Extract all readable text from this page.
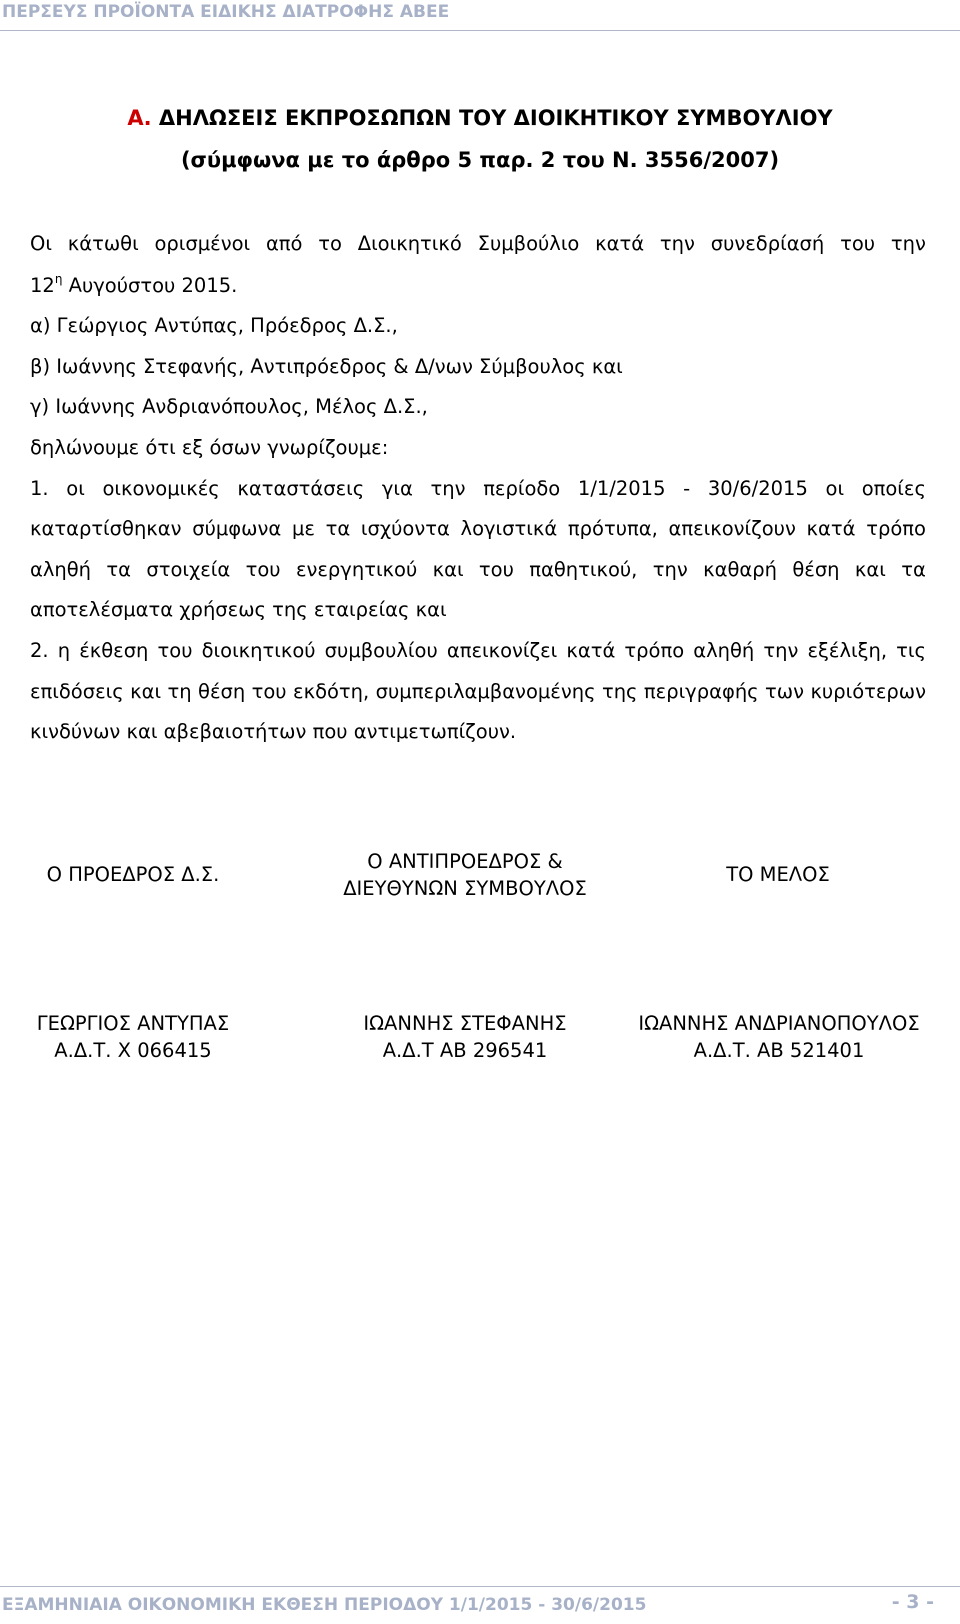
ΠΕΡΣΕΥΣ ΠΡΟΪΟΝΤΑ ΕΙΔΙΚΗΣ ΔΙΑΤΡΟΦΗΣ ΑΒΕΕ
Α. ΔΗΛΩΣΕΙΣ ΕΚΠΡΟΣΩΠΩΝ ΤΟΥ ΔΙΟΙΚΗΤΙΚΟΥ ΣΥΜΒΟΥΛΙΟΥ
(σύμφωνα με το άρθρο 5 παρ. 2 του Ν. 3556/2007)
Οι κάτωθι ορισμένοι από το Διοικητικό Συμβούλιο κατά την συνεδρίασή του την
$12^\eta$ Αυγούστου 2015.
α) Γεώργιος Αντύπας, Πρόεδρος Δ.Σ.,
β) Ιωάννης Στεφανής, Αντιπρόεδρος & Δ/νων Σύμβουλος και
γ) Ιωάννης Ανδριανόπουλος, Μέλος Δ.Σ.,
δηλώνουμε ότι εξ όσων γνωρίζουμε:
1. οι οικονομικές καταστάσεις για την περίοδο 1/1/2015 - 30/6/2015 οι οποίες
καταρτίσθηκαν σύμφωνα με τα ισχύοντα λογιστικά πρότυπα, απεικονίζουν κατά τρόπο
αληθή τα στοιχεία του ενεργητικού και του παθητικού, την καθαρή θέση και τα
αποτελέσματα χρήσεως της εταιρείας και
2. η έκθεση του διοικητικού συμβουλίου απεικονίζει κατά τρόπο αληθή την εξέλιξη, τις
επιδόσεις και τη θέση του εκδότη, συμπεριλαμβανομένης της περιγραφής των κυριότερων
κινδύνων και αβεβαιοτήτων που αντιμετωπίζουν.
Ο ΠΡΟΕΔΡΟΣ Δ.Σ.
Ο ΑΝΤΙΠΡΟΕΔΡΟΣ &
ΔΙΕΥΘΥΝΩΝ ΣΥΜΒΟΥΛΟΣ
ΤΟ ΜΕΛΟΣ
ΓΕΩΡΓΙΟΣ ΑΝΤΥΠΑΣ
Α.Δ.Τ. Χ 066415
ΙΩΑΝΝΗΣ ΣΤΕΦΑΝΗΣ
Α.Δ.Τ ΑΒ 296541
ΙΩΑΝΝΗΣ ΑΝΔΡΙΑΝΟΠΟΥΛΟΣ
Α.Δ.Τ. ΑΒ 521401
ΕΞΑΜΗΝΙΑΙΑ ΟΙΚΟΝΟΜΙΚΗ ΕΚΘΕΣΗ ΠΕΡΙΟΔΟΥ 1/1/2015 - 30/6/2015	- 3 -
